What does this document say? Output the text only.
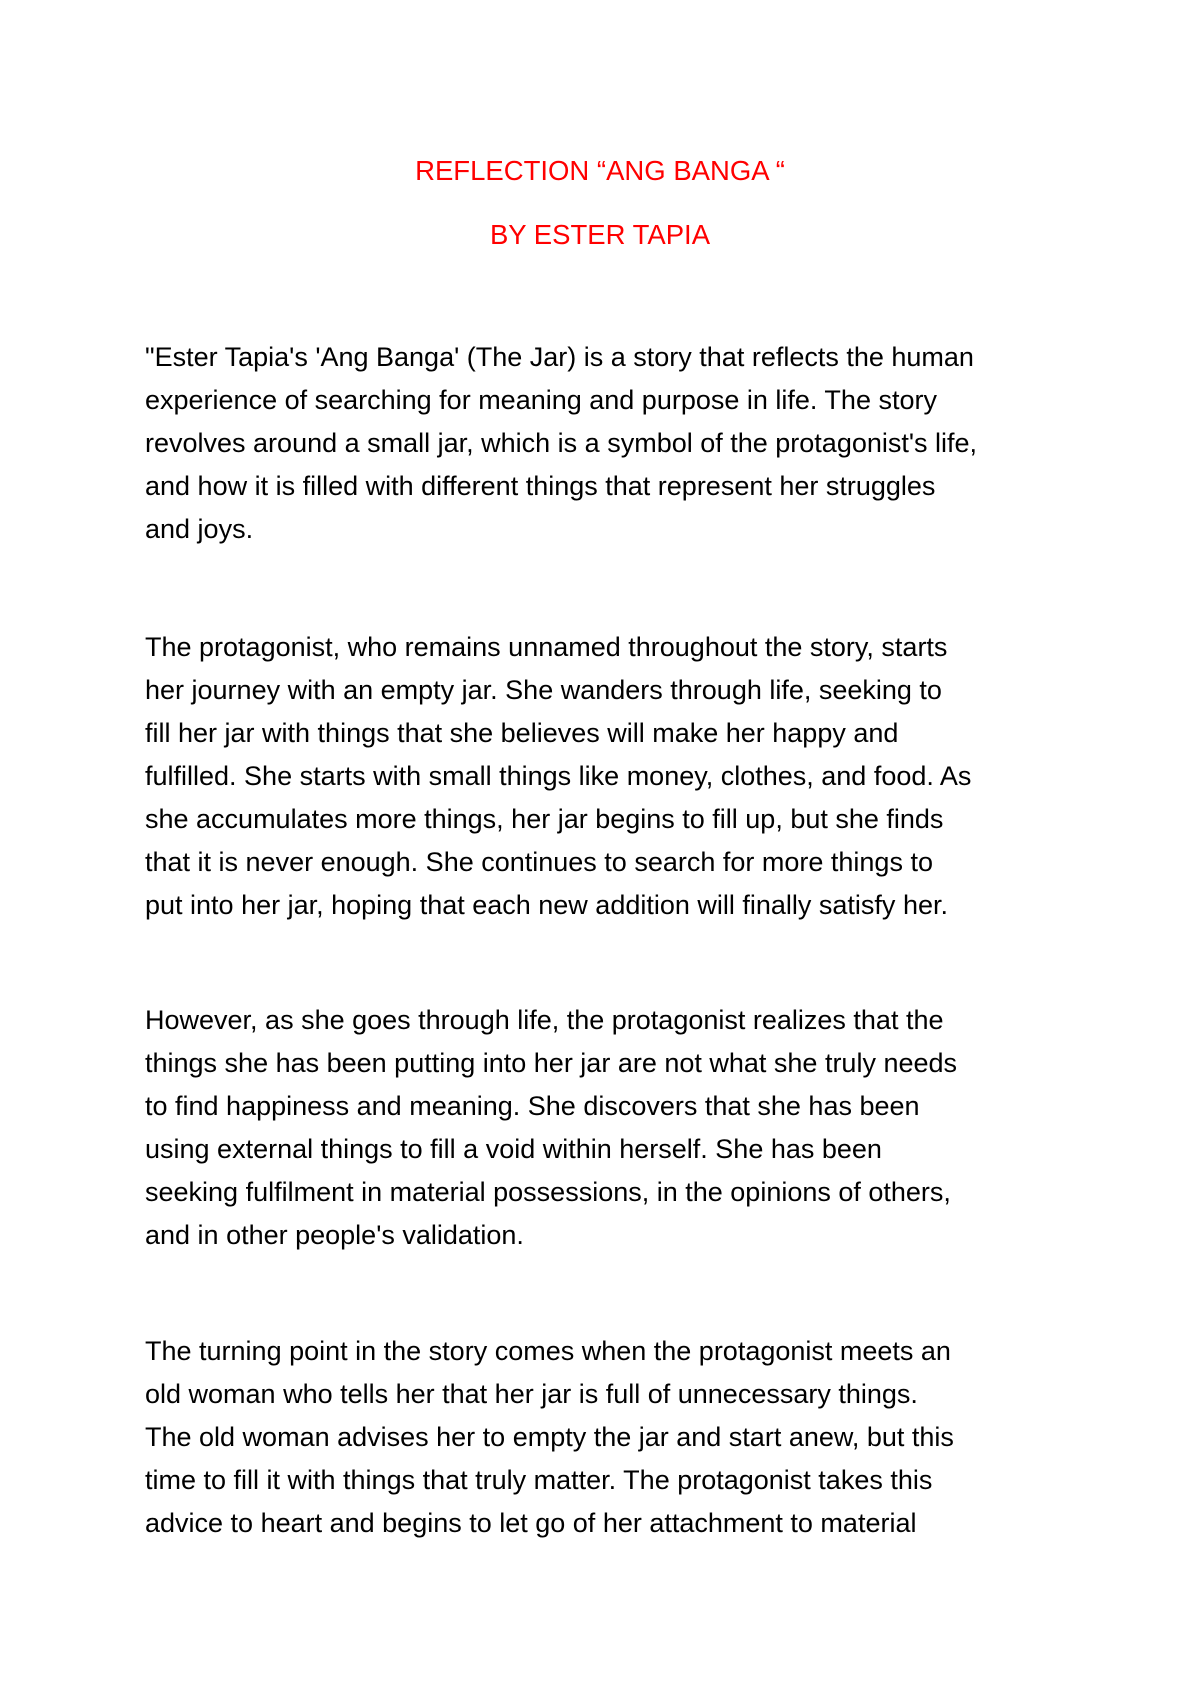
REFLECTION “ANG BANGA “
BY ESTER TAPIA
"Ester Tapia's 'Ang Banga' (The Jar) is a story that reflects the human
experience of searching for meaning and purpose in life. The story
revolves around a small jar, which is a symbol of the protagonist's life,
and how it is filled with different things that represent her struggles
and joys.
The protagonist, who remains unnamed throughout the story, starts
her journey with an empty jar. She wanders through life, seeking to
fill her jar with things that she believes will make her happy and
fulfilled. She starts with small things like money, clothes, and food. As
she accumulates more things, her jar begins to fill up, but she finds
that it is never enough. She continues to search for more things to
put into her jar, hoping that each new addition will finally satisfy her.
However, as she goes through life, the protagonist realizes that the
things she has been putting into her jar are not what she truly needs
to find happiness and meaning. She discovers that she has been
using external things to fill a void within herself. She has been
seeking fulfilment in material possessions, in the opinions of others,
and in other people's validation.
The turning point in the story comes when the protagonist meets an
old woman who tells her that her jar is full of unnecessary things.
The old woman advises her to empty the jar and start anew, but this
time to fill it with things that truly matter. The protagonist takes this
advice to heart and begins to let go of her attachment to material
